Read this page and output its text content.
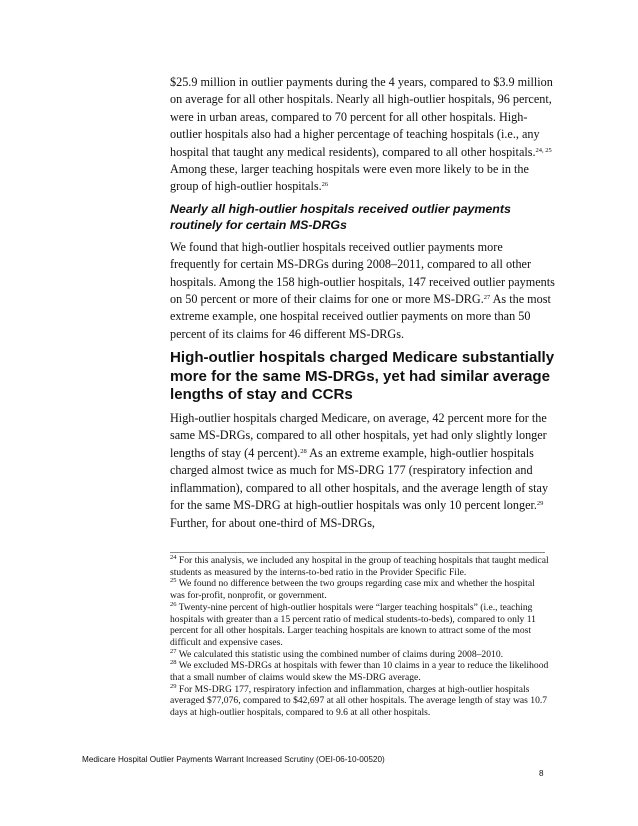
$25.9 million in outlier payments during the 4 years, compared to $3.9 million on average for all other hospitals. Nearly all high-outlier hospitals, 96 percent, were in urban areas, compared to 70 percent for all other hospitals. High-outlier hospitals also had a higher percentage of teaching hospitals (i.e., any hospital that taught any medical residents), compared to all other hospitals.$^{24, 25}$ Among these, larger teaching hospitals were even more likely to be in the group of high-outlier hospitals.$^{26}$

Nearly all high-outlier hospitals received outlier payments routinely for certain MS-DRGs

We found that high-outlier hospitals received outlier payments more frequently for certain MS-DRGs during 2008–2011, compared to all other hospitals. Among the 158 high-outlier hospitals, 147 received outlier payments on 50 percent or more of their claims for one or more MS-DRG.$^{27}$ As the most extreme example, one hospital received outlier payments on more than 50 percent of its claims for 46 different MS-DRGs.

High-outlier hospitals charged Medicare substantially more for the same MS-DRGs, yet had similar average lengths of stay and CCRs

High-outlier hospitals charged Medicare, on average, 42 percent more for the same MS-DRGs, compared to all other hospitals, yet had only slightly longer lengths of stay (4 percent).$^{28}$ As an extreme example, high-outlier hospitals charged almost twice as much for MS-DRG 177 (respiratory infection and inflammation), compared to all other hospitals, and the average length of stay for the same MS-DRG at high-outlier hospitals was only 10 percent longer.$^{29}$ Further, for about one-third of MS-DRGs,

$^{24}$ For this analysis, we included any hospital in the group of teaching hospitals that taught medical students as measured by the interns-to-bed ratio in the Provider Specific File.

$^{25}$ We found no difference between the two groups regarding case mix and whether the hospital was for-profit, nonprofit, or government.

$^{26}$ Twenty-nine percent of high-outlier hospitals were “larger teaching hospitals” (i.e., teaching hospitals with greater than a 15 percent ratio of medical students-to-beds), compared to only 11 percent for all other hospitals. Larger teaching hospitals are known to attract some of the most difficult and expensive cases.

$^{27}$ We calculated this statistic using the combined number of claims during 2008–2010.

$^{28}$ We excluded MS-DRGs at hospitals with fewer than 10 claims in a year to reduce the likelihood that a small number of claims would skew the MS-DRG average.

$^{29}$ For MS-DRG 177, respiratory infection and inflammation, charges at high-outlier hospitals averaged $77,076, compared to $42,697 at all other hospitals. The average length of stay was 10.7 days at high-outlier hospitals, compared to 9.6 at all other hospitals.

Medicare Hospital Outlier Payments Warrant Increased Scrutiny (OEI-06-10-00520)
8
